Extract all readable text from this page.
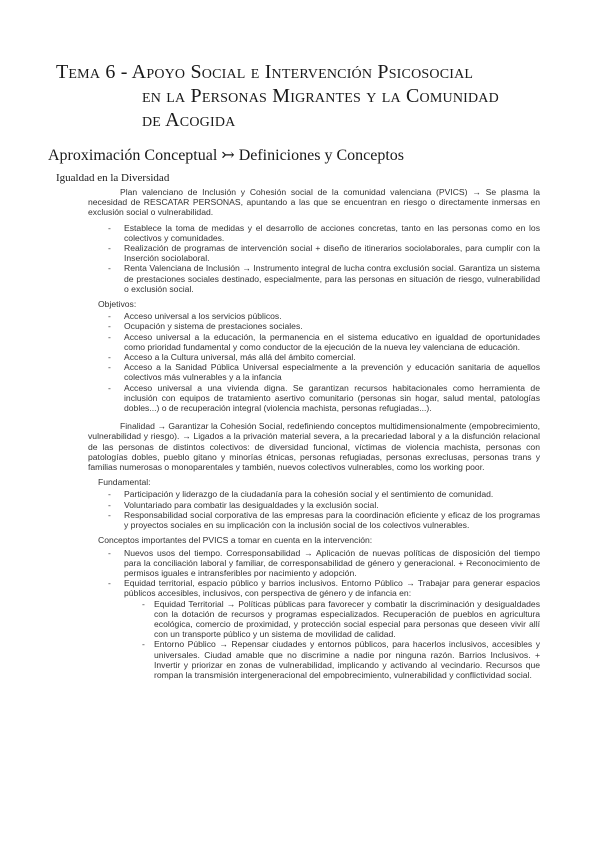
Tema 6 - Apoyo Social e Intervención Psicosocial
en la Personas Migrantes y la Comunidad
de Acogida
Aproximación Conceptual ↣ Definiciones y Conceptos
Igualdad en la Diversidad

Plan valenciano de Inclusión y Cohesión social de la comunidad valenciana (PVICS) → Se plasma la necesidad de RESCATAR PERSONAS, apuntando a las que se encuentran en riesgo o directamente inmersas en exclusión social o vulnerabilidad.

- Establece la toma de medidas y el desarrollo de acciones concretas, tanto en las personas como en los colectivos y comunidades.
- Realización de programas de intervención social + diseño de itinerarios sociolaborales, para cumplir con la Inserción sociolaboral.
- Renta Valenciana de Inclusión → Instrumento integral de lucha contra exclusión social. Garantiza un sistema de prestaciones sociales destinado, especialmente, para las personas en situación de riesgo, vulnerabilidad o exclusión social.
Objetivos:
- Acceso universal a los servicios públicos.
- Ocupación y sistema de prestaciones sociales.
- Acceso universal a la educación, la permanencia en el sistema educativo en igualdad de oportunidades como prioridad fundamental y como conductor de la ejecución de la nueva ley valenciana de educación.
- Acceso a la Cultura universal, más allá del ámbito comercial.
- Acceso a la Sanidad Pública Universal especialmente a la prevención y educación sanitaria de aquellos colectivos más vulnerables y a la infancia
- Acceso universal a una vivienda digna. Se garantizan recursos habitacionales como herramienta de inclusión con equipos de tratamiento asertivo comunitario (personas sin hogar, salud mental, patologías dobles...) o de recuperación integral (violencia machista, personas refugiadas...).

Finalidad → Garantizar la Cohesión Social, redefiniendo conceptos multidimensionalmente (empobrecimiento, vulnerabilidad y riesgo). → Ligados a la privación material severa, a la precariedad laboral y a la disfunción relacional de las personas de distintos colectivos: de diversidad funcional, víctimas de violencia machista, personas con patologías dobles, pueblo gitano y minorías étnicas, personas refugiadas, personas exreclusas, personas trans y familias numerosas o monoparentales y también, nuevos colectivos vulnerables, como los working poor.

Fundamental:
- Participación y liderazgo de la ciudadanía para la cohesión social y el sentimiento de comunidad.
- Voluntariado para combatir las desigualdades y la exclusión social.
- Responsabilidad social corporativa de las empresas para la coordinación eficiente y eficaz de los programas y proyectos sociales en su implicación con la inclusión social de los colectivos vulnerables.
Conceptos importantes del PVICS a tomar en cuenta en la intervención:
- Nuevos usos del tiempo. Corresponsabilidad → Aplicación de nuevas políticas de disposición del tiempo para la conciliación laboral y familiar, de corresponsabilidad de género y generacional. + Reconocimiento de permisos iguales e intransferibles por nacimiento y adopción.
- Equidad territorial, espacio público y barrios inclusivos. Entorno Público → Trabajar para generar espacios públicos accesibles, inclusivos, con perspectiva de género y de infancia en:
- Equidad Territorial → Políticas públicas para favorecer y combatir la discriminación y desigualdades con la dotación de recursos y programas especializados. Recuperación de pueblos en agricultura ecológica, comercio de proximidad, y protección social especial para personas que deseen vivir allí con un transporte público y un sistema de movilidad de calidad.
- Entorno Público → Repensar ciudades y entornos públicos, para hacerlos inclusivos, accesibles y universales. Ciudad amable que no discrimine a nadie por ninguna razón. Barrios Inclusivos. + Invertir y priorizar en zonas de vulnerabilidad, implicando y activando al vecindario. Recursos que rompan la transmisión intergeneracional del empobrecimiento, vulnerabilidad y conflictividad social.
